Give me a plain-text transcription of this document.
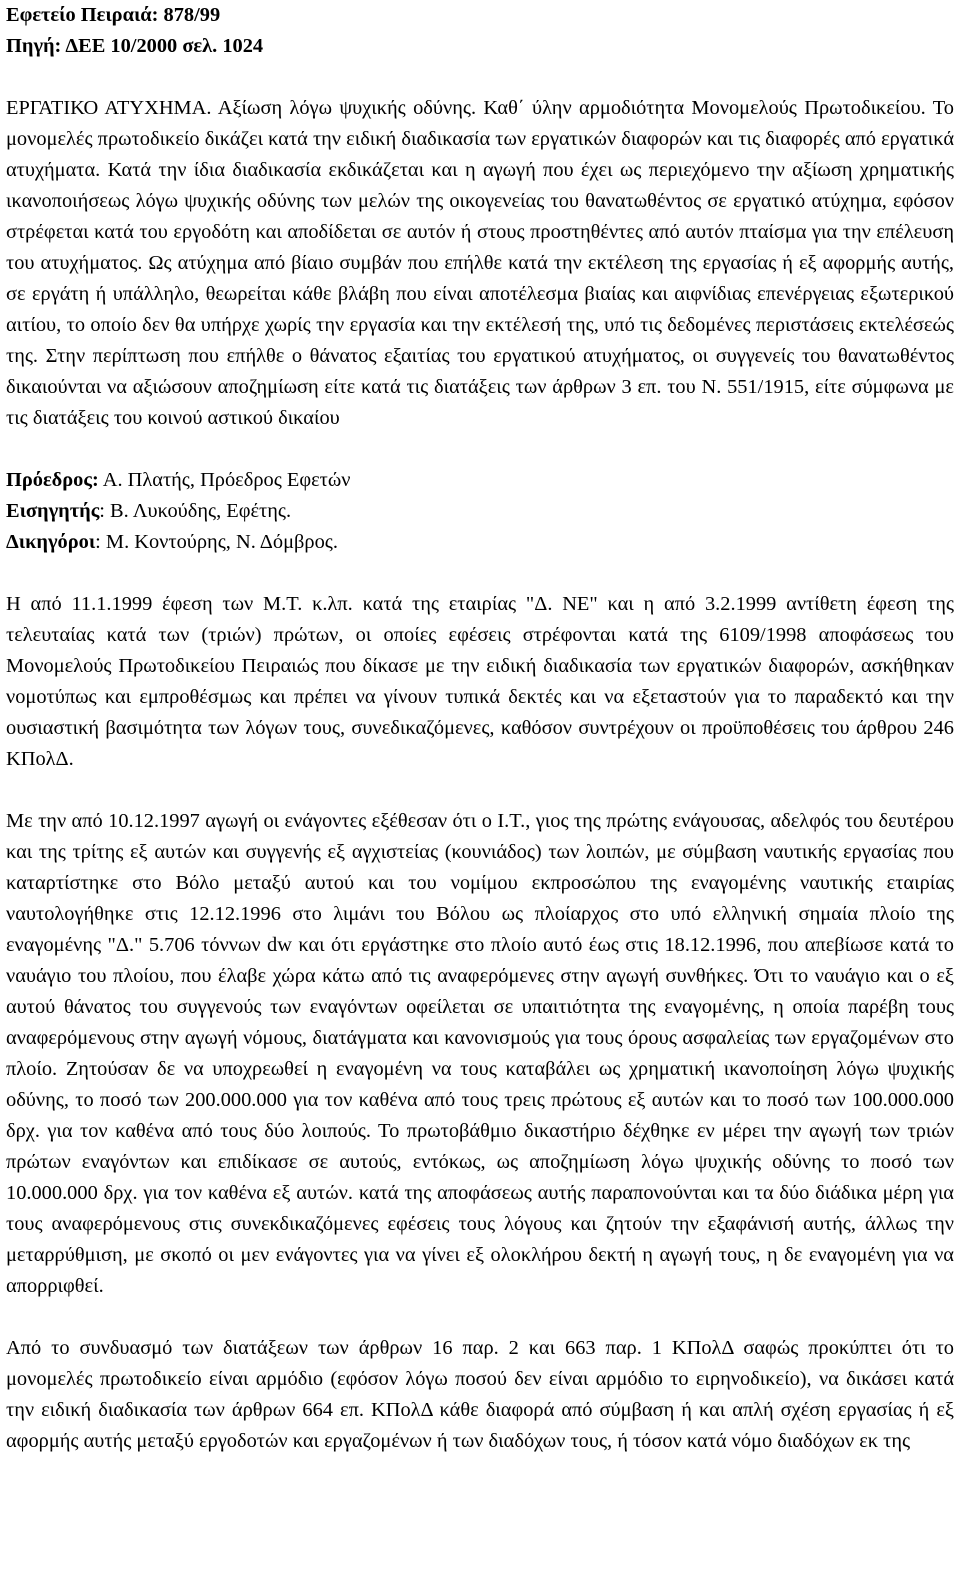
Εφετείο Πειραιά: 878/99

Πηγή: ΔΕΕ 10/2000 σελ. 1024

ΕΡΓΑΤΙΚΟ ΑΤΥΧΗΜΑ. Αξίωση λόγω ψυχικής οδύνης. Καθ΄ ύλην αρμοδιότητα Μονομελούς Πρωτοδικείου. Το μονομελές πρωτοδικείο δικάζει κατά την ειδική διαδικασία των εργατικών διαφορών και τις διαφορές από εργατικά ατυχήματα. Κατά την ίδια διαδικασία εκδικάζεται και η αγωγή που έχει ως περιεχόμενο την αξίωση χρηματικής ικανοποιήσεως λόγω ψυχικής οδύνης των μελών της οικογενείας του θανατωθέντος σε εργατικό ατύχημα, εφόσον στρέφεται κατά του εργοδότη και αποδίδεται σε αυτόν ή στους προστηθέντες από αυτόν πταίσμα για την επέλευση του ατυχήματος. Ως ατύχημα από βίαιο συμβάν που επήλθε κατά την εκτέλεση της εργασίας ή εξ αφορμής αυτής, σε εργάτη ή υπάλληλο, θεωρείται κάθε βλάβη που είναι αποτέλεσμα βιαίας και αιφνίδιας επενέργειας εξωτερικού αιτίου, το οποίο δεν θα υπήρχε χωρίς την εργασία και την εκτέλεσή της, υπό τις δεδομένες περιστάσεις εκτελέσεώς της. Στην περίπτωση που επήλθε ο θάνατος εξαιτίας του εργατικού ατυχήματος, οι συγγενείς του θανατωθέντος δικαιούνται να αξιώσουν αποζημίωση είτε κατά τις διατάξεις των άρθρων 3 επ. του Ν. 551/1915, είτε σύμφωνα με τις διατάξεις του κοινού αστικού δικαίου

Πρόεδρος: Α. Πλατής, Πρόεδρος Εφετών

Εισηγητής: Β. Λυκούδης, Εφέτης.

Δικηγόροι: Μ. Κοντούρης, Ν. Δόμβρος.

Η από 11.1.1999 έφεση των Μ.Τ. κ.λπ. κατά της εταιρίας "Δ. ΝΕ" και η από 3.2.1999 αντίθετη έφεση της τελευταίας κατά των (τριών) πρώτων, οι οποίες εφέσεις στρέφονται κατά της 6109/1998 αποφάσεως του Μονομελούς Πρωτοδικείου Πειραιώς που δίκασε με την ειδική διαδικασία των εργατικών διαφορών, ασκήθηκαν νομοτύπως και εμπροθέσμως και πρέπει να γίνουν τυπικά δεκτές και να εξεταστούν για το παραδεκτό και την ουσιαστική βασιμότητα των λόγων τους, συνεδικαζόμενες, καθόσον συντρέχουν οι προϋποθέσεις του άρθρου 246 ΚΠολΔ.

Με την από 10.12.1997 αγωγή οι ενάγοντες εξέθεσαν ότι ο Ι.Τ., γιος της πρώτης ενάγουσας, αδελφός του δευτέρου και της τρίτης εξ αυτών και συγγενής εξ αγχιστείας (κουνιάδος) των λοιπών, με σύμβαση ναυτικής εργασίας που καταρτίστηκε στο Βόλο μεταξύ αυτού και του νομίμου εκπροσώπου της εναγομένης ναυτικής εταιρίας ναυτολογήθηκε στις 12.12.1996 στο λιμάνι του Βόλου ως πλοίαρχος στο υπό ελληνική σημαία πλοίο της εναγομένης "Δ." 5.706 τόννων dw και ότι εργάστηκε στο πλοίο αυτό έως στις 18.12.1996, που απεβίωσε κατά το ναυάγιο του πλοίου, που έλαβε χώρα κάτω από τις αναφερόμενες στην αγωγή συνθήκες. Ότι το ναυάγιο και ο εξ αυτού θάνατος του συγγενούς των εναγόντων οφείλεται σε υπαιτιότητα της εναγομένης, η οποία παρέβη τους αναφερόμενους στην αγωγή νόμους, διατάγματα και κανονισμούς για τους όρους ασφαλείας των εργαζομένων στο πλοίο. Ζητούσαν δε να υποχρεωθεί η εναγομένη να τους καταβάλει ως χρηματική ικανοποίηση λόγω ψυχικής οδύνης, το ποσό των 200.000.000 για τον καθένα από τους τρεις πρώτους εξ αυτών και το ποσό των 100.000.000 δρχ. για τον καθένα από τους δύο λοιπούς. Το πρωτοβάθμιο δικαστήριο δέχθηκε εν μέρει την αγωγή των τριών πρώτων εναγόντων και επιδίκασε σε αυτούς, εντόκως, ως αποζημίωση λόγω ψυχικής οδύνης το ποσό των 10.000.000 δρχ. για τον καθένα εξ αυτών. κατά της αποφάσεως αυτής παραπονούνται και τα δύο διάδικα μέρη για τους αναφερόμενους στις συνεκδικαζόμενες εφέσεις τους λόγους και ζητούν την εξαφάνισή αυτής, άλλως την μεταρρύθμιση, με σκοπό οι μεν ενάγοντες για να γίνει εξ ολοκλήρου δεκτή η αγωγή τους, η δε εναγομένη για να απορριφθεί.

Από το συνδυασμό των διατάξεων των άρθρων 16 παρ. 2 και 663 παρ. 1 ΚΠολΔ σαφώς προκύπτει ότι το μονομελές πρωτοδικείο είναι αρμόδιο (εφόσον λόγω ποσού δεν είναι αρμόδιο το ειρηνοδικείο), να δικάσει κατά την ειδική διαδικασία των άρθρων 664 επ. ΚΠολΔ κάθε διαφορά από σύμβαση ή και απλή σχέση εργασίας ή εξ αφορμής αυτής μεταξύ εργοδοτών και εργαζομένων ή των διαδόχων τους, ή τόσον κατά νόμο διαδόχων εκ της
